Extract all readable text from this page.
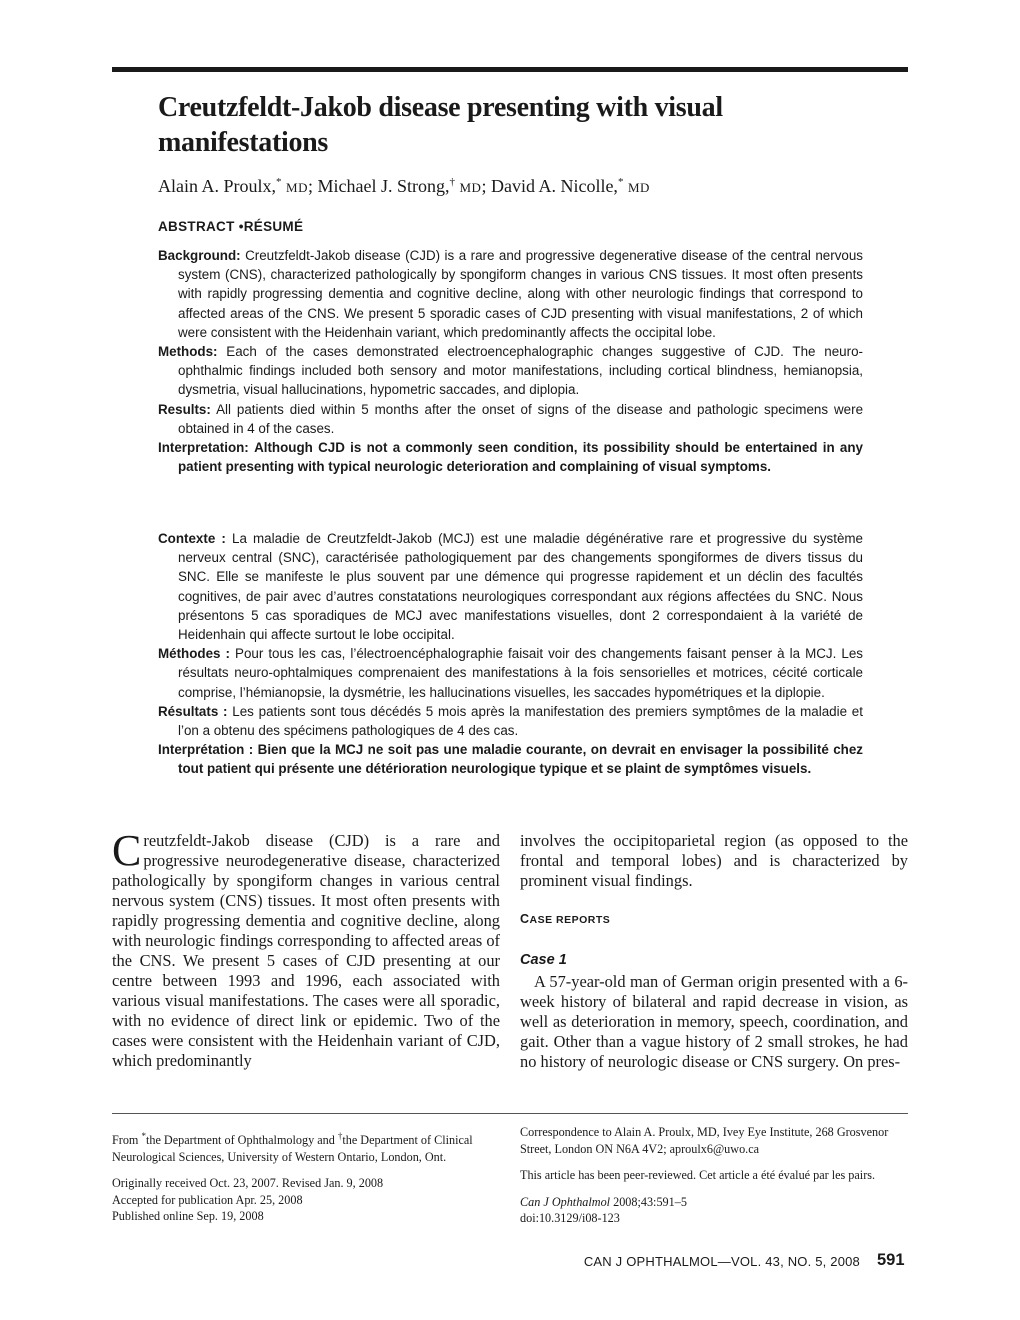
Creutzfeldt-Jakob disease presenting with visual manifestations

Alain A. Proulx,* MD; Michael J. Strong,† MD; David A. Nicolle,* MD

ABSTRACT •RÉSUMÉ

Background: Creutzfeldt-Jakob disease (CJD) is a rare and progressive degenerative disease of the central nervous system (CNS), characterized pathologically by spongiform changes in various CNS tissues. It most often presents with rapidly progressing dementia and cognitive decline, along with other neurologic findings that correspond to affected areas of the CNS. We present 5 sporadic cases of CJD presenting with visual manifestations, 2 of which were consistent with the Heidenhain variant, which predominantly affects the occipital lobe.

Methods: Each of the cases demonstrated electroencephalographic changes suggestive of CJD. The neuro-ophthalmic findings included both sensory and motor manifestations, including cortical blindness, hemianopsia, dysmetria, visual hallucinations, hypometric saccades, and diplopia.

Results: All patients died within 5 months after the onset of signs of the disease and pathologic specimens were obtained in 4 of the cases.

Interpretation: Although CJD is not a commonly seen condition, its possibility should be entertained in any patient presenting with typical neurologic deterioration and complaining of visual symptoms.

Contexte : La maladie de Creutzfeldt-Jakob (MCJ) est une maladie dégénérative rare et progressive du système nerveux central (SNC), caractérisée pathologiquement par des changements spongiformes de divers tissus du SNC. Elle se manifeste le plus souvent par une démence qui progresse rapidement et un déclin des facultés cognitives, de pair avec d’autres constatations neurologiques correspondant aux régions affectées du SNC. Nous présentons 5 cas sporadiques de MCJ avec manifestations visuelles, dont 2 correspondaient à la variété de Heidenhain qui affecte surtout le lobe occipital.

Méthodes : Pour tous les cas, l’électroencéphalographie faisait voir des changements faisant penser à la MCJ. Les résultats neuro-ophtalmiques comprenaient des manifestations à la fois sensorielles et motrices, cécité corticale comprise, l’hémianopsie, la dysmétrie, les hallucinations visuelles, les saccades hypométriques et la diplopie.

Résultats : Les patients sont tous décédés 5 mois après la manifestation des premiers symptômes de la maladie et l’on a obtenu des spécimens pathologiques de 4 des cas.

Interprétation : Bien que la MCJ ne soit pas une maladie courante, on devrait en envisager la possibilité chez tout patient qui présente une détérioration neurologique typique et se plaint de symptômes visuels.

Creutzfeldt-Jakob disease (CJD) is a rare and progressive neurodegenerative disease, characterized pathologically by spongiform changes in various central nervous system (CNS) tissues. It most often presents with rapidly progressing dementia and cognitive decline, along with neurologic findings corresponding to affected areas of the CNS. We present 5 cases of CJD presenting at our centre between 1993 and 1996, each associated with various visual manifestations. The cases were all sporadic, with no evidence of direct link or epidemic. Two of the cases were consistent with the Heidenhain variant of CJD, which predominantly

involves the occipitoparietal region (as opposed to the frontal and temporal lobes) and is characterized by prominent visual findings.

CASE REPORTS

Case 1

A 57-year-old man of German origin presented with a 6-week history of bilateral and rapid decrease in vision, as well as deterioration in memory, speech, coordination, and gait. Other than a vague history of 2 small strokes, he had no history of neurologic disease or CNS surgery. On pres-

From *the Department of Ophthalmology and †the Department of Clinical Neurological Sciences, University of Western Ontario, London, Ont.

Originally received Oct. 23, 2007. Revised Jan. 9, 2008
Accepted for publication Apr. 25, 2008
Published online Sep. 19, 2008

Correspondence to Alain A. Proulx, MD, Ivey Eye Institute, 268 Grosvenor Street, London ON N6A 4V2; aproulx6@uwo.ca

This article has been peer-reviewed. Cet article a été évalué par les pairs.

Can J Ophthalmol 2008;43:591–5
doi:10.3129/i08-123
CAN J OPHTHALMOL—VOL. 43, NO. 5, 2008 591
